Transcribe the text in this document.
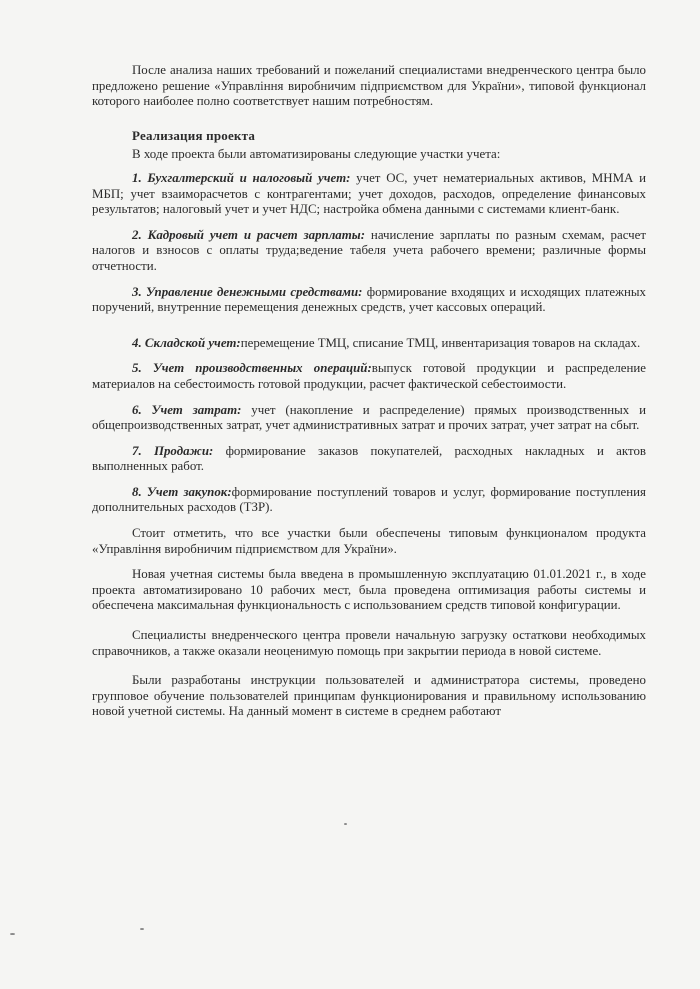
После анализа наших требований и пожеланий специалистами внедренческого центра было предложено решение «Управління виробничим підприємством для України», типовой функционал которого наиболее полно соответствует нашим потребностям.

Реализация проекта

В ходе проекта были автоматизированы следующие участки учета:

1. Бухгалтерский и налоговый учет: учет ОС, учет нематериальных активов, МНМА и МБП; учет взаиморасчетов с контрагентами; учет доходов, расходов, определение финансовых результатов; налоговый учет и учет НДС; настройка обмена данными с системами клиент-банк.

2. Кадровый учет и расчет зарплаты: начисление зарплаты по разным схемам, расчет налогов и взносов с оплаты труда;ведение табеля учета рабочего времени; различные формы отчетности.

3. Управление денежными средствами: формирование входящих и исходящих платежных поручений, внутренние перемещения денежных средств, учет кассовых операций.

4. Складской учет:перемещение ТМЦ, списание ТМЦ, инвентаризация товаров на складах.

5. Учет производственных операций:выпуск готовой продукции и распределение материалов на себестоимость готовой продукции, расчет фактической себестоимости.

6. Учет затрат: учет (накопление и распределение) прямых производственных и общепроизводственных затрат, учет административных затрат и прочих затрат, учет затрат на сбыт.

7. Продажи: формирование заказов покупателей, расходных накладных и актов выполненных работ.

8. Учет закупок:формирование поступлений товаров и услуг, формирование поступления дополнительных расходов (ТЗР).

Стоит отметить, что все участки были обеспечены типовым функционалом продукта «Управління виробничим підприємством для України».

Новая учетная системы была введена в промышленную эксплуатацию 01.01.2021 г., в ходе проекта автоматизировано 10 рабочих мест, была проведена оптимизация работы системы и обеспечена максимальная функциональность с использованием средств типовой конфигурации.

Специалисты внедренческого центра провели начальную загрузку остаткови необходимых справочников, а также оказали неоценимую помощь при закрытии периода в новой системе.

Были разработаны инструкции пользователей и администратора системы, проведено групповое обучение пользователей принципам функционирования и правильному использованию новой учетной системы. На данный момент в системе в среднем работают
